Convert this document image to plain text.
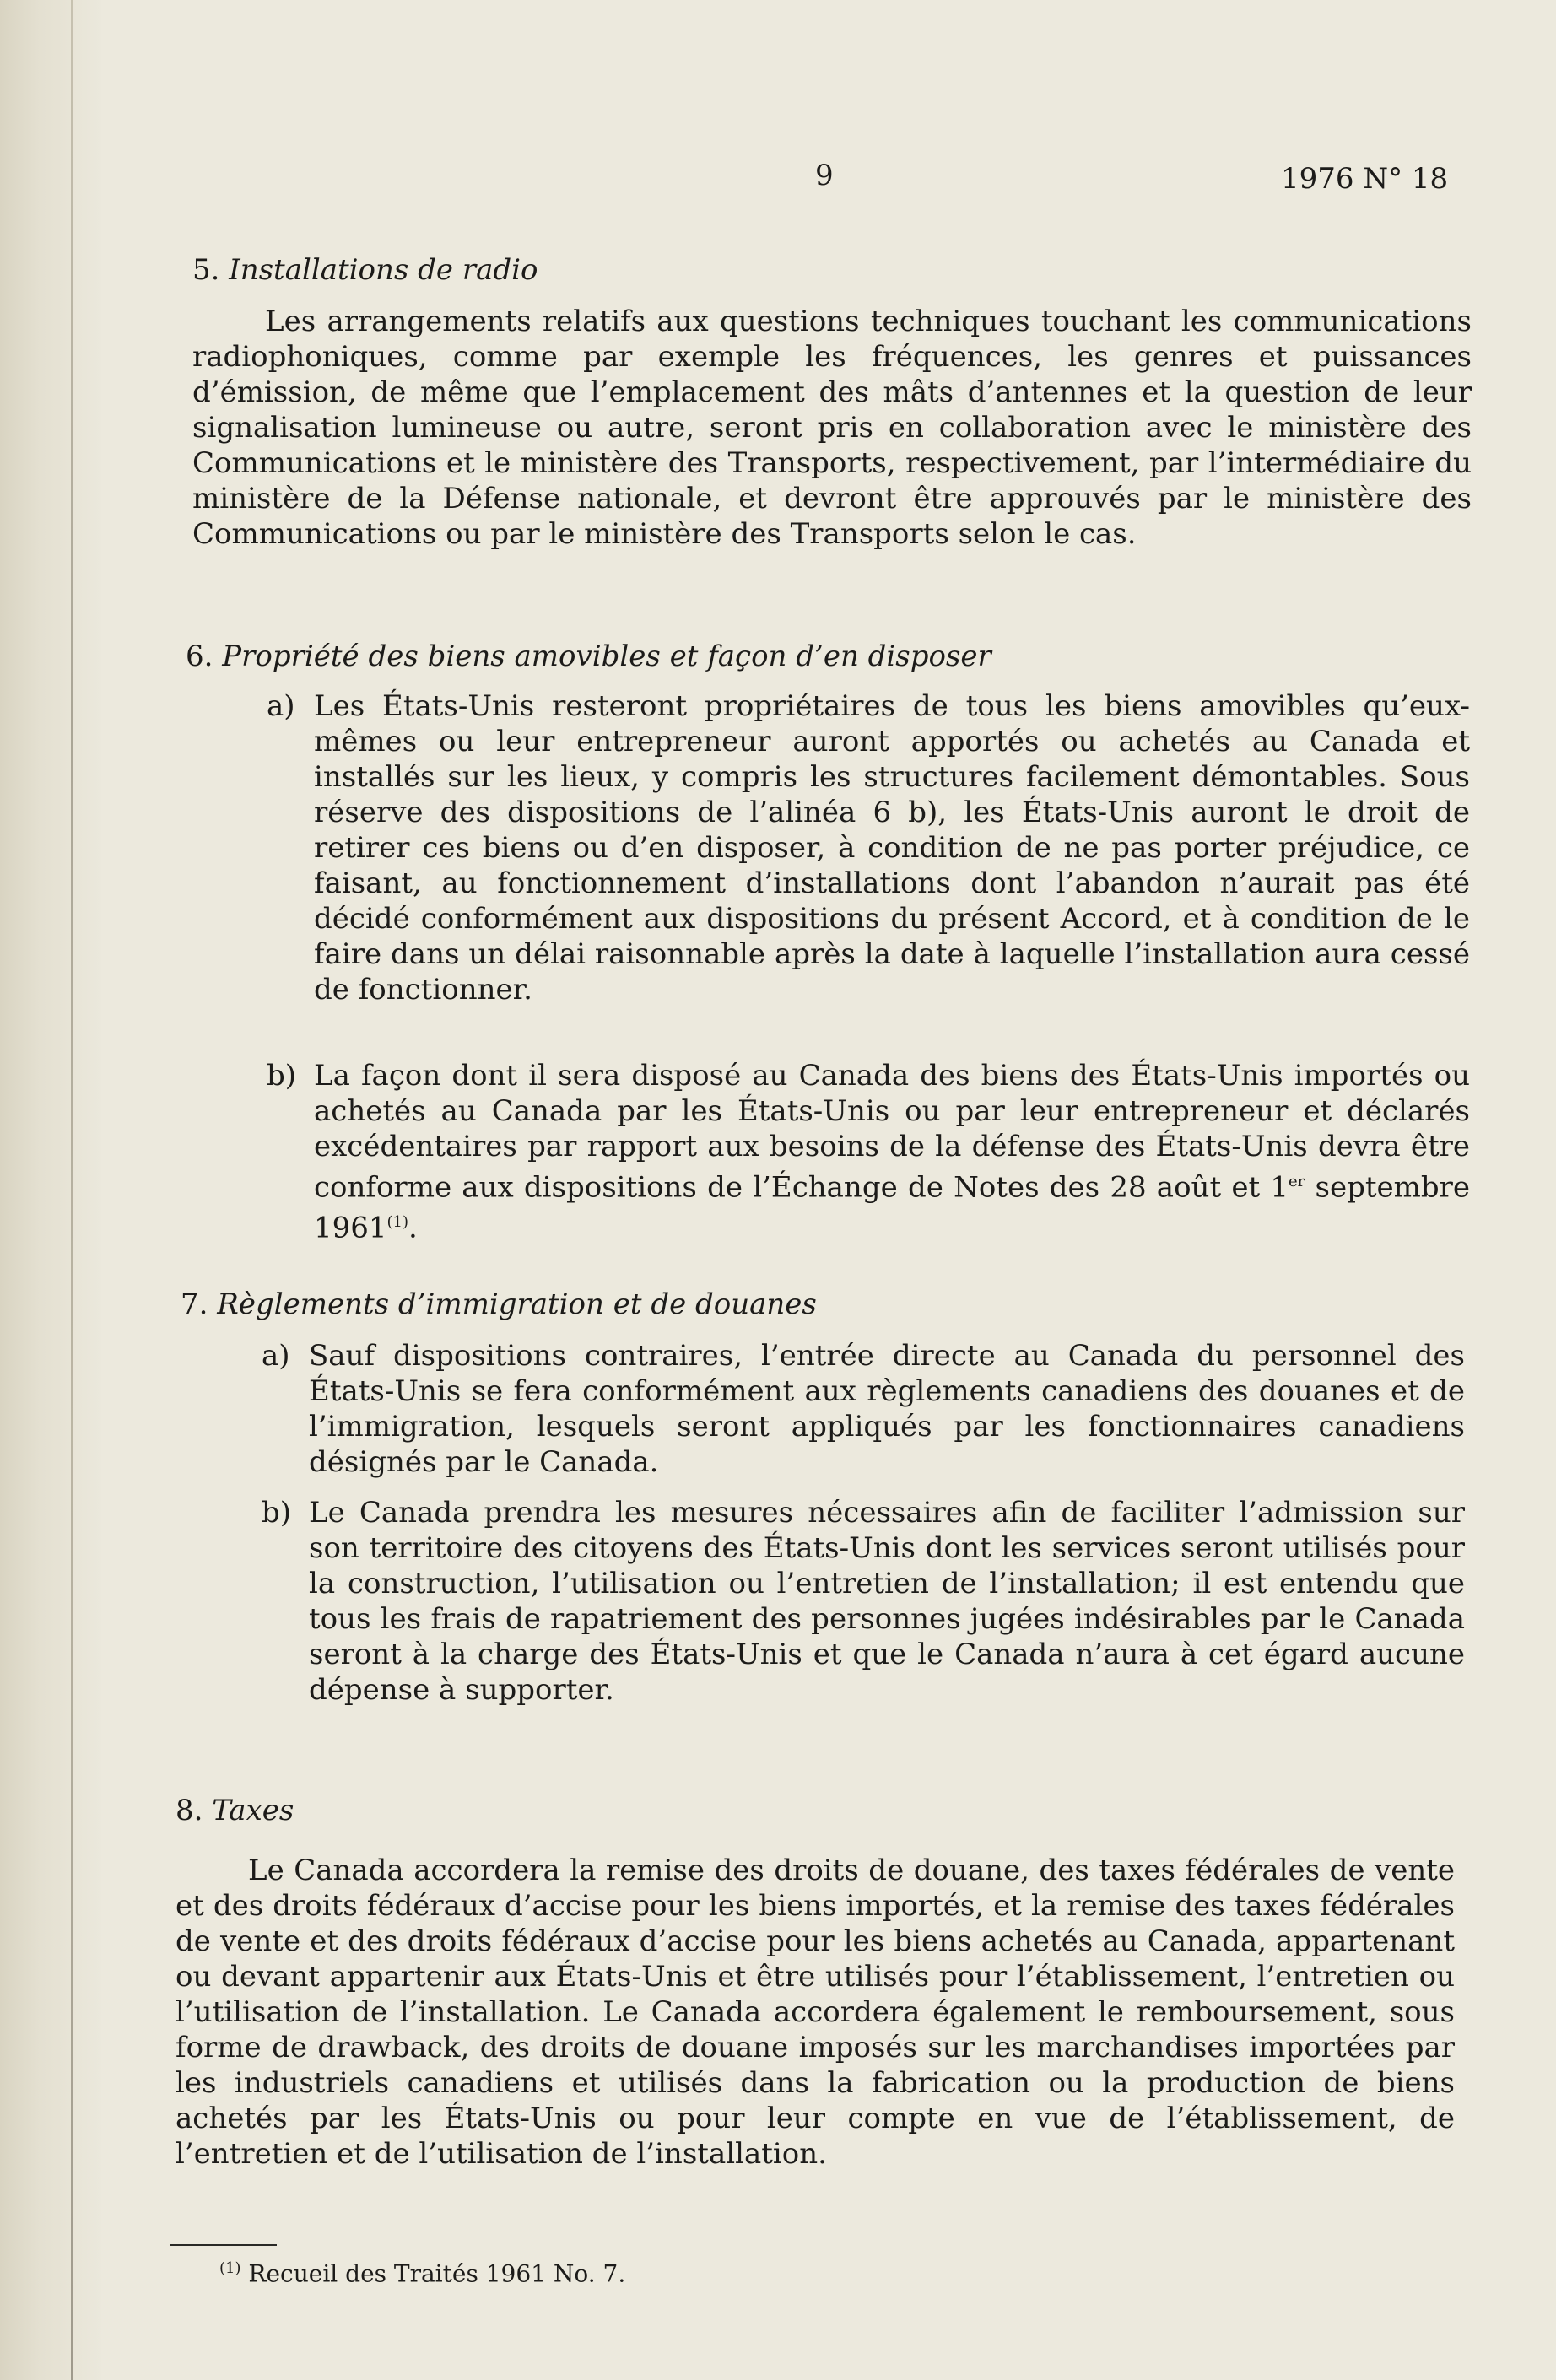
9	1976 N° 18
5. Installations de radio
Les arrangements relatifs aux questions techniques touchant les communications radiophoniques, comme par exemple les fréquences, les genres et puissances d’émission, de même que l’emplacement des mâts d’antennes et la question de leur signalisation lumineuse ou autre, seront pris en collaboration avec le ministère des Communications et le ministère des Transports, respectivement, par l’intermédiaire du ministère de la Défense nationale, et devront être approuvés par le ministère des Communications ou par le ministère des Transports selon le cas.
6. Propriété des biens amovibles et façon d’en disposer
a) Les États-Unis resteront propriétaires de tous les biens amovibles qu’eux-mêmes ou leur entrepreneur auront apportés ou achetés au Canada et installés sur les lieux, y compris les structures facilement démontables. Sous réserve des dispositions de l’alinéa 6 b), les États-Unis auront le droit de retirer ces biens ou d’en disposer, à condition de ne pas porter préjudice, ce faisant, au fonctionnement d’installations dont l’abandon n’aurait pas été décidé conformément aux dispositions du présent Accord, et à condition de le faire dans un délai raisonnable après la date à laquelle l’installation aura cessé de fonctionner.
b) La façon dont il sera disposé au Canada des biens des États-Unis importés ou achetés au Canada par les États-Unis ou par leur entrepreneur et déclarés excédentaires par rapport aux besoins de la défense des États-Unis devra être conforme aux dispositions de l’Échange de Notes des 28 août et 1er septembre 1961$^{(1)}$.
7. Règlements d’immigration et de douanes
a) Sauf dispositions contraires, l’entrée directe au Canada du personnel des États-Unis se fera conformément aux règlements canadiens des douanes et de l’immigration, lesquels seront appliqués par les fonctionnaires canadiens désignés par le Canada.
b) Le Canada prendra les mesures nécessaires afin de faciliter l’admission sur son territoire des citoyens des États-Unis dont les services seront utilisés pour la construction, l’utilisation ou l’entretien de l’installation; il est entendu que tous les frais de rapatriement des personnes jugées indésirables par le Canada seront à la charge des États-Unis et que le Canada n’aura à cet égard aucune dépense à supporter.
8. Taxes
Le Canada accordera la remise des droits de douane, des taxes fédérales de vente et des droits fédéraux d’accise pour les biens importés, et la remise des taxes fédérales de vente et des droits fédéraux d’accise pour les biens achetés au Canada, appartenant ou devant appartenir aux États-Unis et être utilisés pour l’établissement, l’entretien ou l’utilisation de l’installation. Le Canada accordera également le remboursement, sous forme de drawback, des droits de douane imposés sur les marchandises importées par les industriels canadiens et utilisés dans la fabrication ou la production de biens achetés par les États-Unis ou pour leur compte en vue de l’établissement, de l’entretien et de l’utilisation de l’installation.
$^{(1)}$ Recueil des Traités 1961 No. 7.
